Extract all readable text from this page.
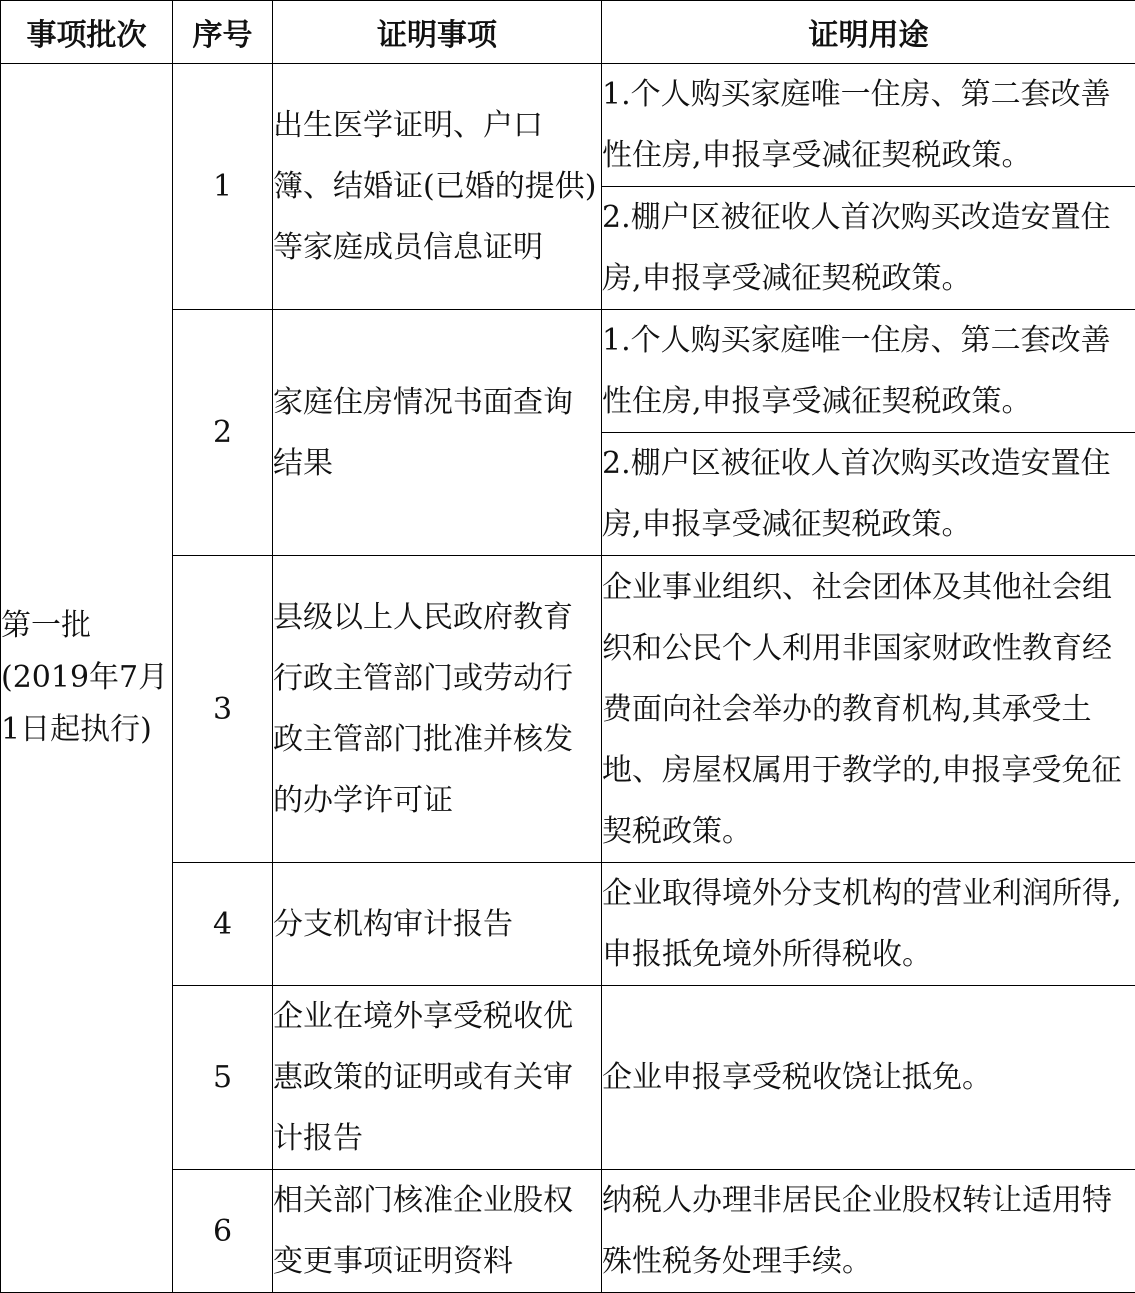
事项批次	序号	证明事项	证明用途
第一批(2019年7月1日起执行)	1	出生医学证明、户口簿、结婚证(已婚的提供)等家庭成员信息证明	1.个人购买家庭唯一住房、第二套改善性住房,申报享受减征契税政策。
			2.棚户区被征收人首次购买改造安置住房,申报享受减征契税政策。
	2	家庭住房情况书面查询结果	1.个人购买家庭唯一住房、第二套改善性住房,申报享受减征契税政策。
			2.棚户区被征收人首次购买改造安置住房,申报享受减征契税政策。
	3	县级以上人民政府教育行政主管部门或劳动行政主管部门批准并核发的办学许可证	企业事业组织、社会团体及其他社会组织和公民个人利用非国家财政性教育经费面向社会举办的教育机构,其承受土地、房屋权属用于教学的,申报享受免征契税政策。
	4	分支机构审计报告	企业取得境外分支机构的营业利润所得,申报抵免境外所得税收。
	5	企业在境外享受税收优惠政策的证明或有关审计报告	企业申报享受税收饶让抵免。
	6	相关部门核准企业股权变更事项证明资料	纳税人办理非居民企业股权转让适用特殊性税务处理手续。
